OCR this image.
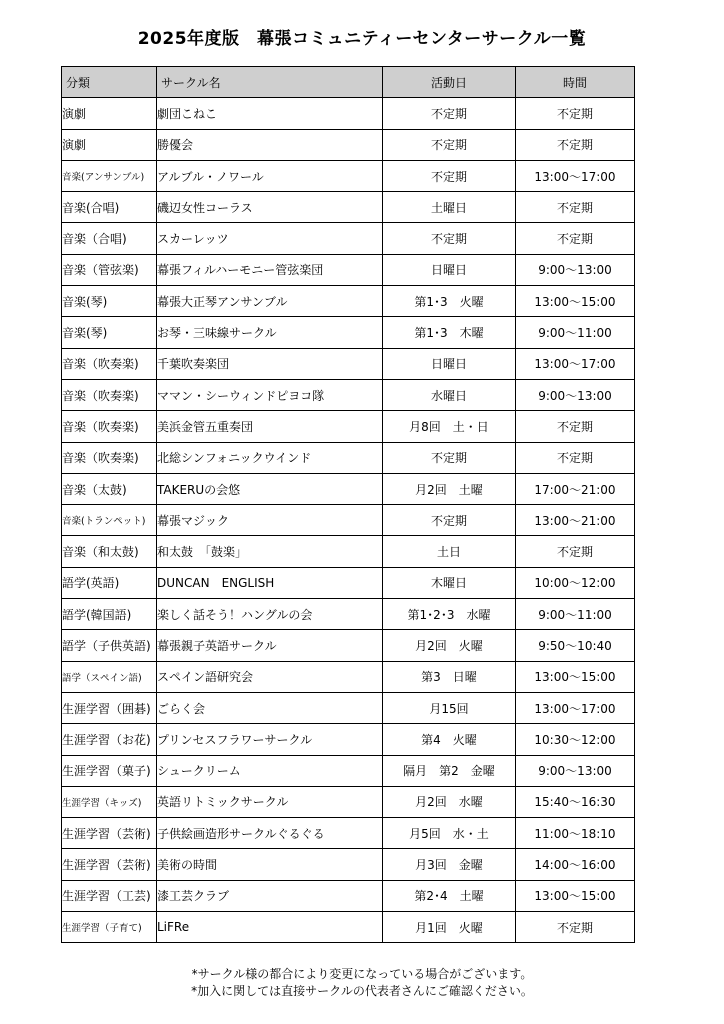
2025年度版　幕張コミュニティーセンターサークル一覧
分類	サークル名	活動日	時間
演劇	劇団こねこ	不定期	不定期
演劇	勝優会	不定期	不定期
音楽(アンサンブル)	アルブル・ノワール	不定期	13:00〜17:00
音楽(合唱)	磯辺女性コーラス	土曜日	不定期
音楽（合唱)	スカーレッツ	不定期	不定期
音楽（管弦楽)	幕張フィルハーモニー管弦楽団	日曜日	9:00〜13:00
音楽(琴)	幕張大正琴アンサンブル	第1･3　火曜	13:00〜15:00
音楽(琴)	お琴・三味線サークル	第1･3　木曜	9:00〜11:00
音楽（吹奏楽)	千葉吹奏楽団	日曜日	13:00〜17:00
音楽（吹奏楽)	ママン・シーウィンドピヨコ隊	水曜日	9:00〜13:00
音楽（吹奏楽)	美浜金管五重奏団	月8回　土・日	不定期
音楽（吹奏楽)	北総シンフォニックウインド	不定期	不定期
音楽（太鼓)	TAKERUの会悠	月2回　土曜	17:00〜21:00
音楽(トランペット)	幕張マジック	不定期	13:00〜21:00
音楽（和太鼓)	和太鼓　「鼓楽」	土日	不定期
語学(英語)	DUNCAN　ENGLISH	木曜日	10:00〜12:00
語学(韓国語)	楽しく話そう！ハングルの会	第1･2･3　水曜	9:00〜11:00
語学（子供英語)	幕張親子英語サークル	月2回　火曜	9:50〜10:40
語学（スペイン語)	スペイン語研究会	第3　日曜	13:00〜15:00
生涯学習（囲碁)	ごらく会	月15回	13:00〜17:00
生涯学習（お花)	プリンセスフラワーサークル	第4　火曜	10:30〜12:00
生涯学習（菓子)	シュークリーム	隔月　第2　金曜	9:00〜13:00
生涯学習（キッズ)	英語リトミックサークル	月2回　水曜	15:40〜16:30
生涯学習（芸術)	子供絵画造形サークルぐるぐる	月5回　水・土	11:00〜18:10
生涯学習（芸術)	美術の時間	月3回　金曜	14:00〜16:00
生涯学習（工芸)	漆工芸クラブ	第2･4　土曜	13:00〜15:00
生涯学習（子育て)	LiFRe	月1回　火曜	不定期
*サークル様の都合により変更になっている場合がございます。
*加入に関しては直接サークルの代表者さんにご確認ください。
